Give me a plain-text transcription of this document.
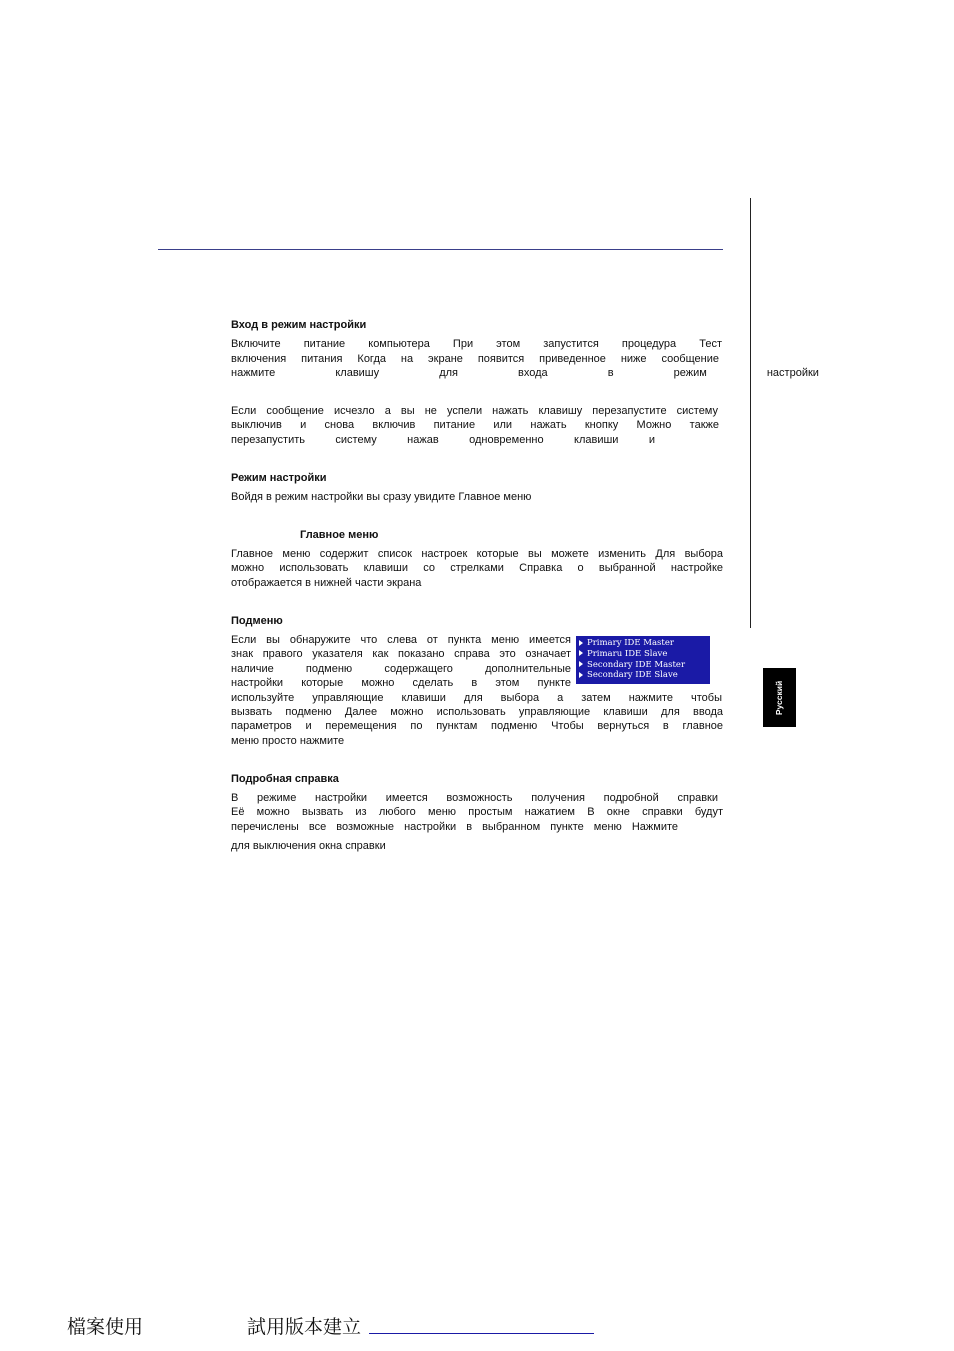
Русский
Вход в режим настройки
Включите питание компьютера При этом запустится процедура Тест
включения питания Когда на экране появится приведенное ниже сообщение
нажмите клавишу для входа в режим настройки
Если сообщение исчезло а вы не успели нажать клавишу перезапустите систему
выключив и снова включив питание или нажать кнопку Можно также
перезапустить систему нажав одновременно клавиши и
Режим настройки
Войдя в режим настройки вы сразу увидите Главное меню
Главное меню
Главное меню содержит список настроек которые вы можете изменить Для выбора
можно использовать клавиши со стрелками Справка о выбранной настройке
отображается в нижней части экрана
Подменю
Если вы обнаружите что слева от пункта меню имеется
знак правого указателя как показано справа это означает
наличие подменю содержащего дополнительные
настройки которые можно сделать в этом пункте
используйте управляющие клавиши для выбора а затем нажмите чтобы
вызвать подменю Далее можно использовать управляющие клавиши для ввода
параметров и перемещения по пунктам подменю Чтобы вернуться в главное
меню просто нажмите
Primary IDE Master
Primaru IDE Slave
Secondary IDE Master
Secondary IDE Slave
Подробная справка
В режиме настройки имеется возможность получения подробной справки
Её можно вызвать из любого меню простым нажатием В окне справки будут
перечислены все возможные настройки в выбранном пункте меню Нажмите
для выключения окна справки
檔案使用	試用版本建立
